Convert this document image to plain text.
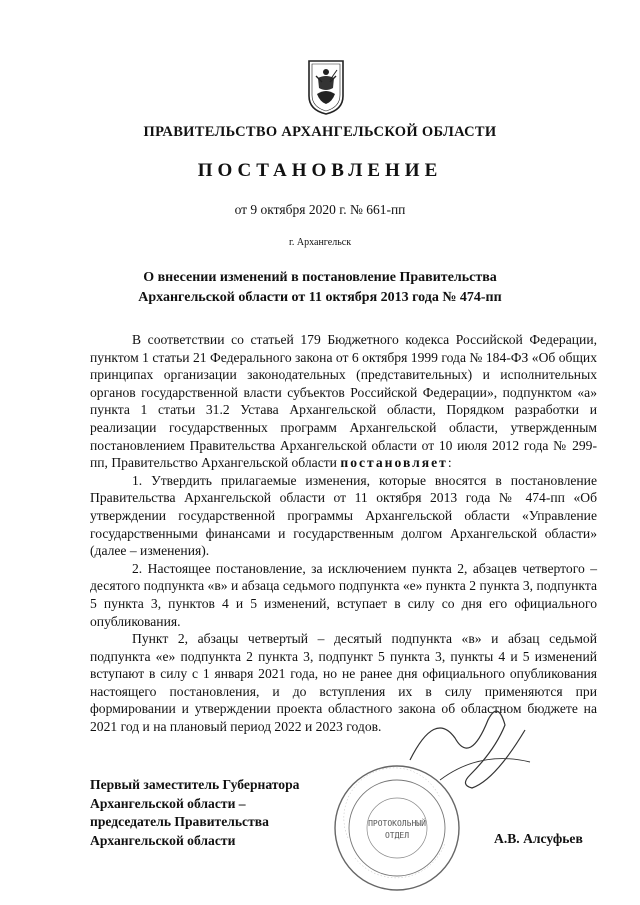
ПРАВИТЕЛЬСТВО АРХАНГЕЛЬСКОЙ ОБЛАСТИ
ПОСТАНОВЛЕНИЕ
от 9 октября 2020 г. № 661-пп
г. Архангельск
О внесении изменений в постановление Правительства
Архангельской области от 11 октября 2013 года № 474-пп

В соответствии со статьей 179 Бюджетного кодекса Российской Федерации, пунктом 1 статьи 21 Федерального закона от 6 октября 1999 года № 184-ФЗ «Об общих принципах организации законодательных (представительных) и исполнительных органов государственной власти субъектов Российской Федерации», подпунктом «а» пункта 1 статьи 31.2 Устава Архангельской области, Порядком разработки и реализации государственных программ Архангельской области, утвержденным постановлением Правительства Архангельской области от 10 июля 2012 года № 299-пп, Правительство Архангельской области постановляет:

1. Утвердить прилагаемые изменения, которые вносятся в постановление Правительства Архангельской области от 11 октября 2013 года № 474-пп «Об утверждении государственной программы Архангельской области «Управление государственными финансами и государственным долгом Архангельской области» (далее – изменения).

2. Настоящее постановление, за исключением пункта 2, абзацев четвертого – десятого подпункта «в» и абзаца седьмого подпункта «е» пункта 2 пункта 3, подпункта 5 пункта 3, пунктов 4 и 5 изменений, вступает в силу со дня его официального опубликования.

Пункт 2, абзацы четвертый – десятый подпункта «в» и абзац седьмой подпункта «е» подпункта 2 пункта 3, подпункт 5 пункта 3, пункты 4 и 5 изменений вступают в силу с 1 января 2021 года, но не ранее дня официального опубликования настоящего постановления, и до вступления их в силу применяются при формировании и утверждении проекта областного закона об областном бюджете на 2021 год и на плановый период 2022 и 2023 годов.

Первый заместитель Губернатора
Архангельской области –
председатель Правительства
Архангельской области
ПРОТОКОЛЬНЫЙ
ОТДЕЛ	А.В. Алсуфьев
